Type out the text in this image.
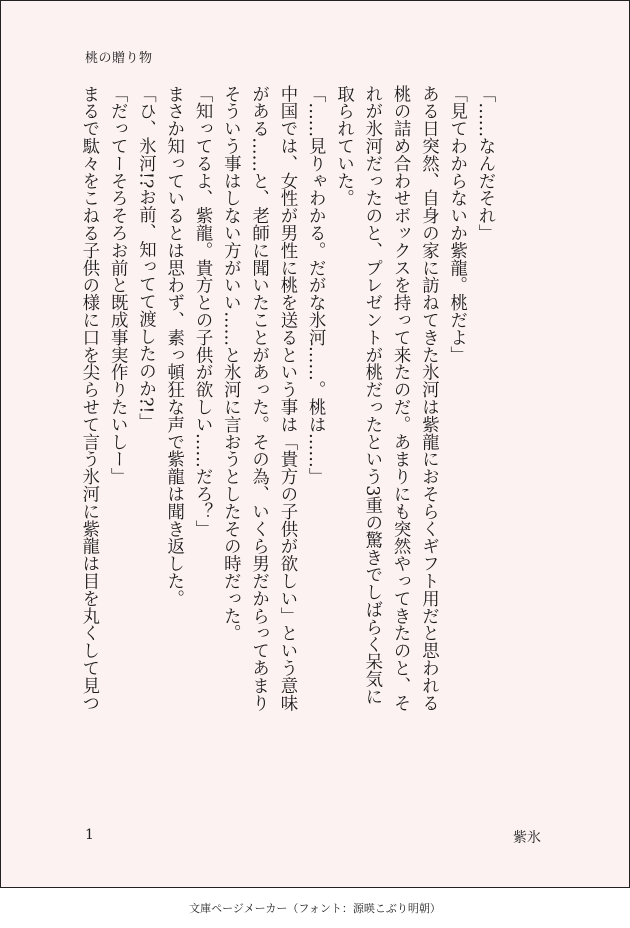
桃の贈り物
「……なんだそれ」
「見てわからないか紫龍。桃だよ」
ある日突然、自身の家に訪ねてきた氷河は紫龍におそらくギフト用だと思われる
桃の詰め合わせボックスを持って来たのだ。あまりにも突然やってきたのと、そ
れが氷河だったのと、プレゼントが桃だったという3重の驚きでしばらく呆気に
取られていた。
「……見りゃわかる。だがな氷河……。桃は……」
中国では、女性が男性に桃を送るという事は「貴方の子供が欲しい」という意味
がある……と、老師に聞いたことがあった。その為、いくら男だからってあまり
そういう事はしない方がいい……と氷河に言おうとしたその時だった。
「知ってるよ、紫龍。貴方との子供が欲しい……だろ？」
まさか知っているとは思わず、素っ頓狂な声で紫龍は聞き返した。
「ひ、氷河!?お前、知ってて渡したのか?!」
「だってーそろそろお前と既成事実作りたいしー」
まるで駄々をこねる子供の様に口を尖らせて言う氷河に紫龍は目を丸くして見つ
1	紫氷
文庫ページメーカー（フォント：源暎こぶり明朝）
